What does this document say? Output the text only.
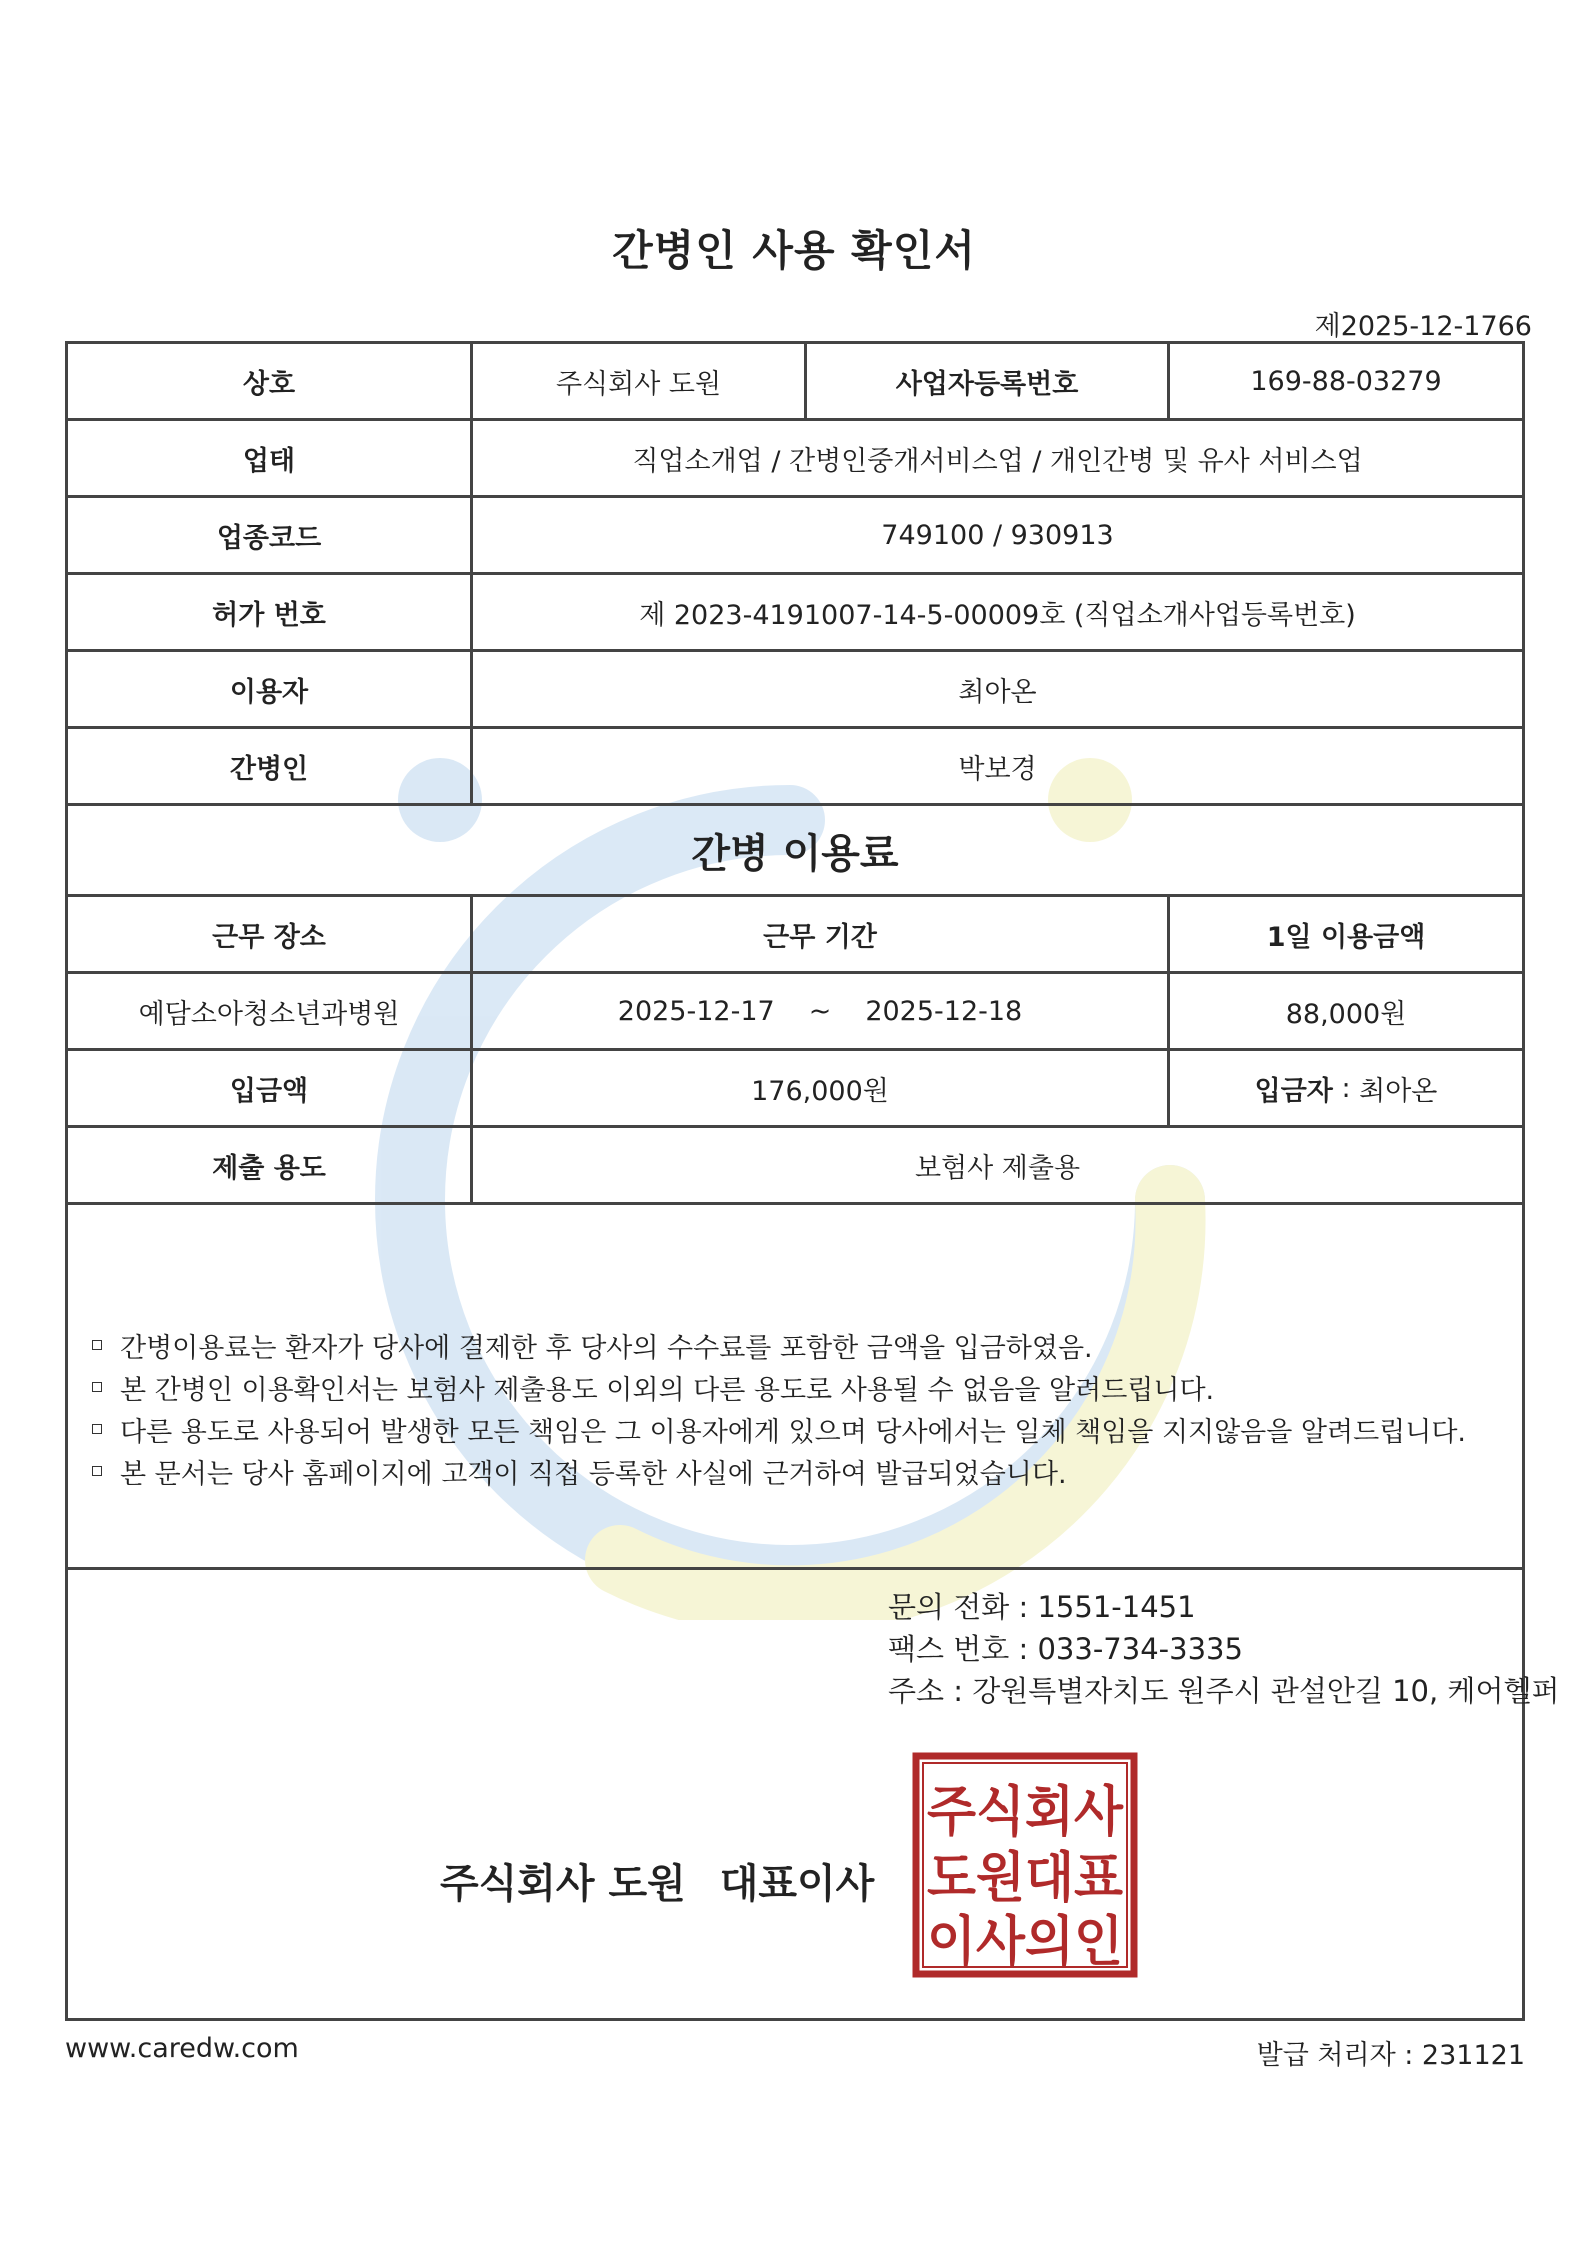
간병인 사용 확인서
제2025-12-1766
상호	주식회사 도원	사업자등록번호	169-88-03279
업태	직업소개업 / 간병인중개서비스업 / 개인간병 및 유사 서비스업
업종코드	749100 / 930913
허가 번호	제 2023-4191007-14-5-00009호 (직업소개사업등록번호)
이용자	최아온
간병인	박보경
간병 이용료
근무 장소	근무 기간	1일 이용금액
예담소아청소년과병원	2025-12-17 ~ 2025-12-18	88,000원
입금액	176,000원	입금자 : 최아온
제출 용도	보험사 제출용
간병이용료는 환자가 당사에 결제한 후 당사의 수수료를 포함한 금액을 입금하였음.
본 간병인 이용확인서는 보험사 제출용도 이외의 다른 용도로 사용될 수 없음을 알려드립니다.
다른 용도로 사용되어 발생한 모든 책임은 그 이용자에게 있으며 당사에서는 일체 책임을 지지않음을 알려드립니다.
본 문서는 당사 홈페이지에 고객이 직접 등록한 사실에 근거하여 발급되었습니다.
문의 전화 : 1551-1451
팩스 번호 : 033-734-3335
주소 : 강원특별자치도 원주시 관설안길 10, 케어헬퍼
주식회사 도원 대표이사
주식회사
도원대표
이사의인
www.caredw.com	발급 처리자 : 231121
